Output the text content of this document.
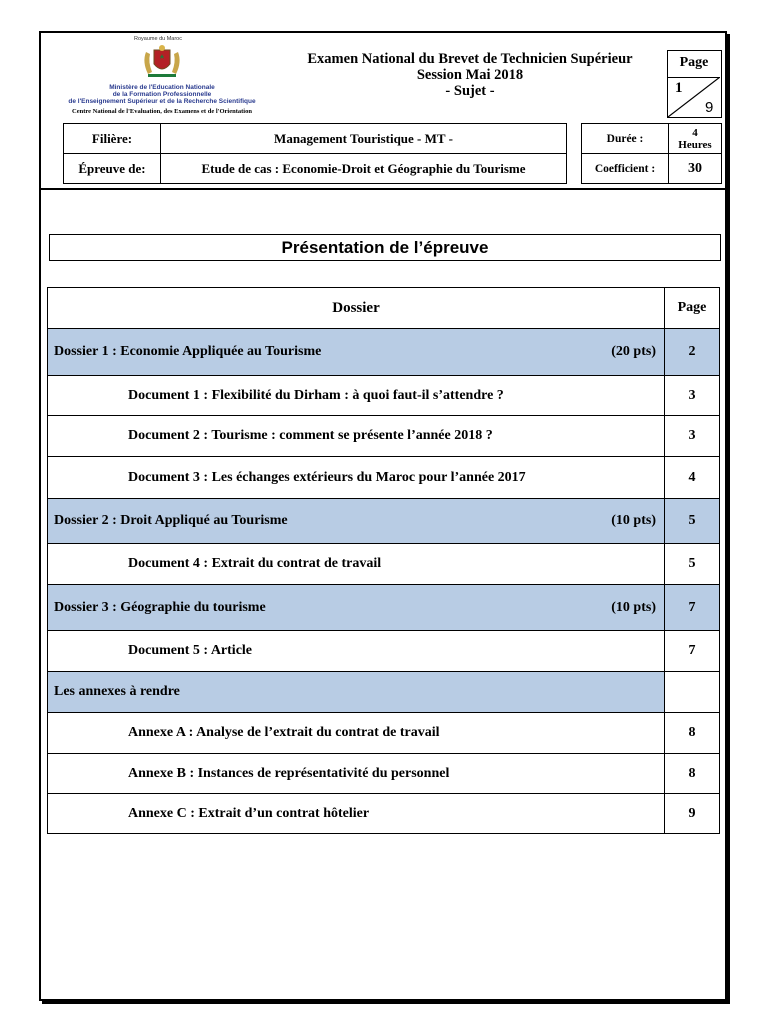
Royaume du Maroc
Ministère de l'Education Nationale
de la Formation Professionnelle
de l'Enseignement Supérieur et de la Recherche Scientifique
Centre National de l'Evaluation, des Examens et de l'Orientation
Examen National du Brevet de Technicien Supérieur
Session Mai 2018
- Sujet -
Page
1
9
Filière:	Management Touristique - MT -	Durée :	4
Heures
Épreuve de:	Etude de cas : Economie-Droit et Géographie du Tourisme	Coefficient :	30
Présentation de l’épreuve
Dossier	Page

Dossier 1 : Economie Appliquée au Tourisme (20 pts)	2

Document 1 : Flexibilité du Dirham : à quoi faut-il s’attendre ?	3

Document 2 : Tourisme : comment se présente l’année 2018 ?	3

Document 3 : Les échanges extérieurs du Maroc pour l’année 2017	4

Dossier 2 : Droit Appliqué au Tourisme (10 pts)	5

Document 4 : Extrait du contrat de travail	5

Dossier 3 : Géographie du tourisme (10 pts)	7

Document 5 : Article	7

Les annexes à rendre	

Annexe A : Analyse de l’extrait du contrat de travail	8

Annexe B : Instances de représentativité du personnel	8

Annexe C : Extrait d’un contrat hôtelier	9
